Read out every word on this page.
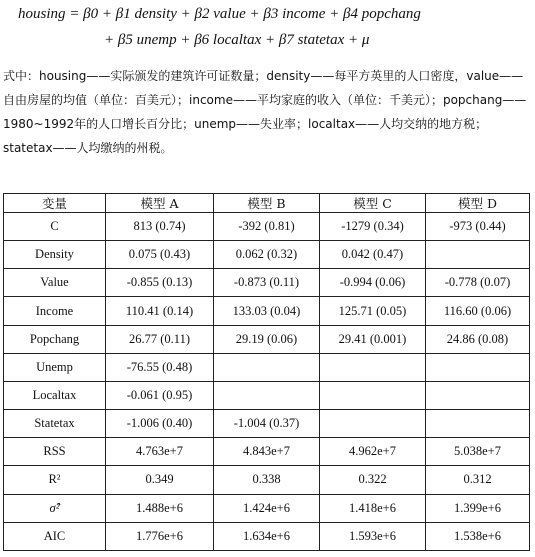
housing = β0 + β1 density + β2 value + β3 income + β4 popchang
+ β5 unemp + β6 localtax + β7 statetax + μ
式中：housing——实际颁发的建筑许可证数量；density——每平方英里的人口密度，value——自由房屋的均值（单位：百美元）；income——平均家庭的收入（单位：千美元）；popchang——1980~1992年的人口增长百分比；unemp——失业率；localtax——人均交纳的地方税；statetax——人均缴纳的州税。
变量	模型 A	模型 B	模型 C	模型 D
C	813 (0.74)	-392 (0.81)	-1279 (0.34)	-973 (0.44)
Density	0.075 (0.43)	0.062 (0.32)	0.042 (0.47)	
Value	-0.855 (0.13)	-0.873 (0.11)	-0.994 (0.06)	-0.778 (0.07)
Income	110.41 (0.14)	133.03 (0.04)	125.71 (0.05)	116.60 (0.06)
Popchang	26.77 (0.11)	29.19 (0.06)	29.41 (0.001)	24.86 (0.08)
Unemp	-76.55 (0.48)			
Localtax	-0.061 (0.95)			
Statetax	-1.006 (0.40)	-1.004 (0.37)		
RSS	4.763e+7	4.843e+7	4.962e+7	5.038e+7
R²	0.349	0.338	0.322	0.312
σ̂²	1.488e+6	1.424e+6	1.418e+6	1.399e+6
AIC	1.776e+6	1.634e+6	1.593e+6	1.538e+6
